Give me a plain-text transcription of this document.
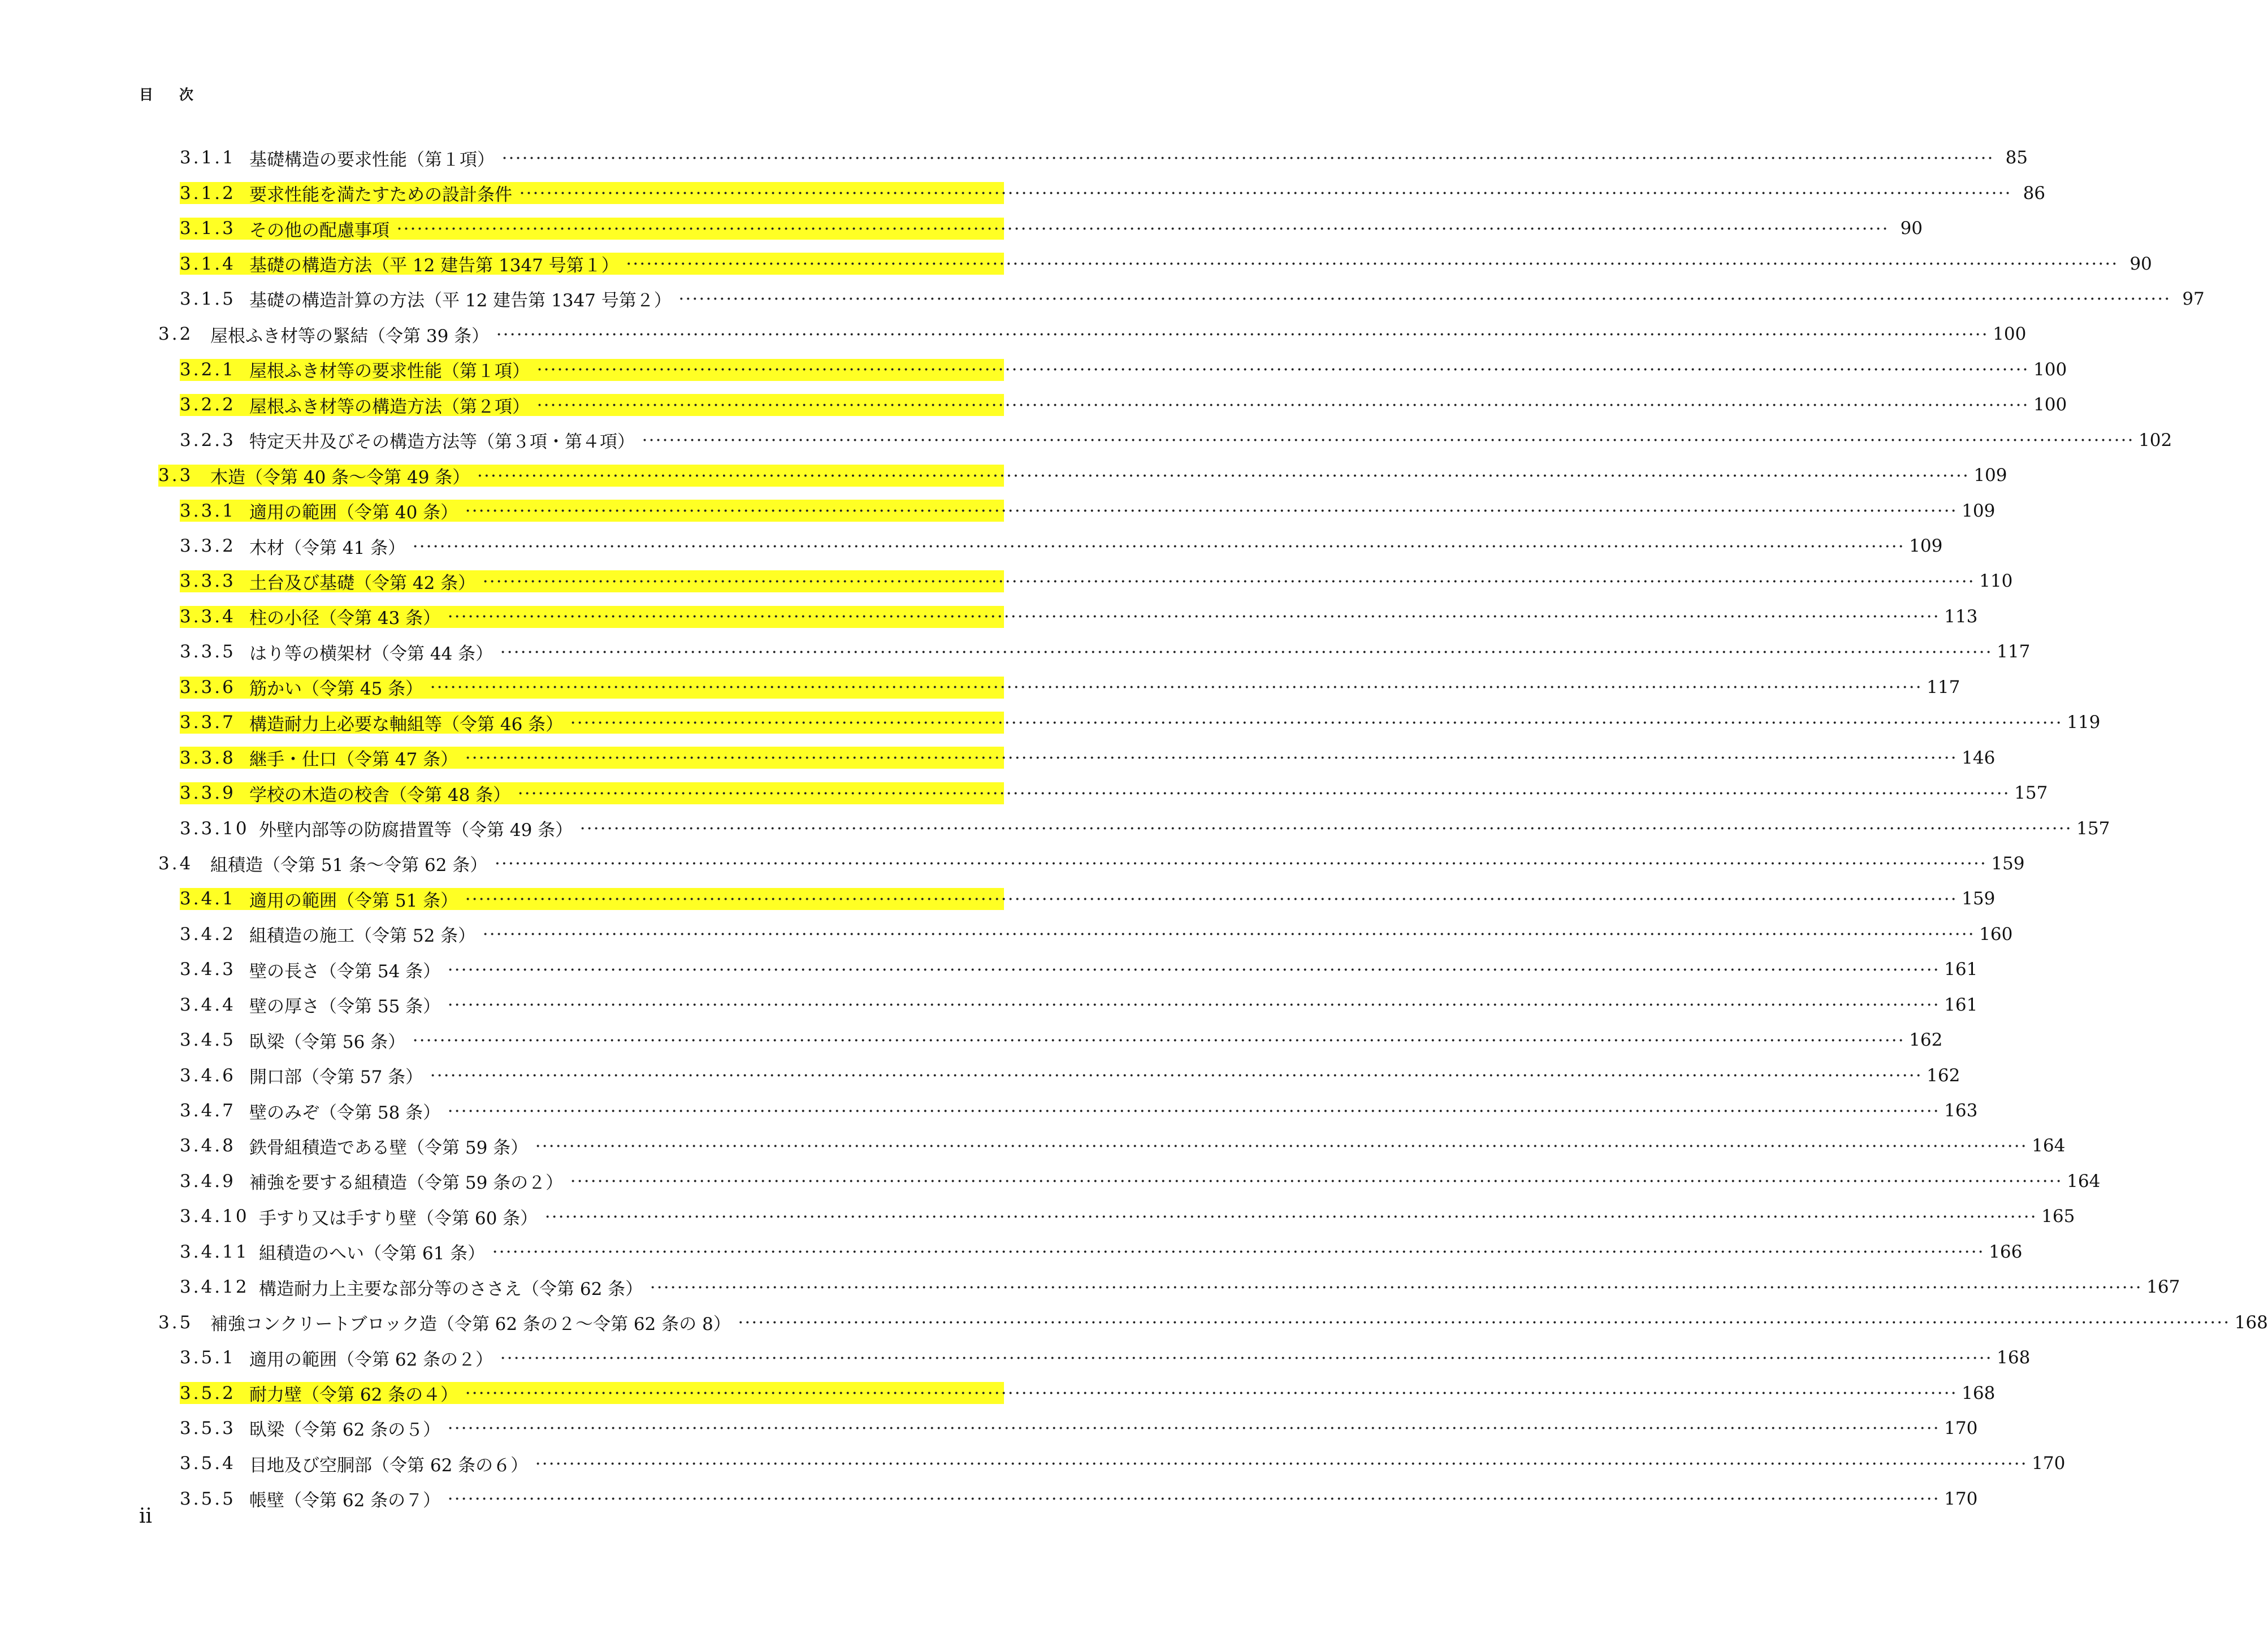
目次
3.1.1 基礎構造の要求性能（第１項） ････････････････････････････････････････････････････････････････････････････････････････････････････････････････････････････････････････････････････････････････････････････････････････････････････････････････････････････ 85
3.1.2 要求性能を満たすための設計条件 ････････････････････････････････････････････････････････････････････････････････････････････････････････････････････････････････････････････････････････････････････････････････････････････････････････････････････････････ 86
3.1.3 その他の配慮事項 ････････････････････････････････････････････････････････････････････････････････････････････････････････････････････････････････････････････････････････････････････････････････････････････････････････････････････････････ 90
3.1.4 基礎の構造方法（平 12 建告第 1347 号第１） ････････････････････････････････････････････････････････････････････････････････････････････････････････････････････････････････････････････････････････････････････････････････････････････････････････････････････････････ 90
3.1.5 基礎の構造計算の方法（平 12 建告第 1347 号第２） ････････････････････････････････････････････････････････････････････････････････････････････････････････････････････････････････････････････････････････････････････････････････････････････････････････････････････････････ 97
3.2 屋根ふき材等の緊結（令第 39 条） ････････････････････････････････････････････････････････････････････････････････････････････････････････････････････････････････････････････････････････････････････････････････････････････････････････････････････････････ 100
3.2.1 屋根ふき材等の要求性能（第１項） ････････････････････････････････････････････････････････････････････････････････････････････････････････････････････････････････････････････････････････････････････････････････････････････････････････････････････････････ 100
3.2.2 屋根ふき材等の構造方法（第２項） ････････････････････････････････････････････････････････････････････････････････････････････････････････････････････････････････････････････････････････････････････････････････････････････････････････････････････････････ 100
3.2.3 特定天井及びその構造方法等（第３項・第４項） ････････････････････････････････････････････････････････････････････････････････････････････････････････････････････････････････････････････････････････････････････････････････････････････････････････････････････････････ 102
3.3 木造（令第 40 条～令第 49 条） ････････････････････････････････････････････････････････････････････････････････････････････････････････････････････････････････････････････････････････････････････････････････････････････････････････････････････････････ 109
3.3.1 適用の範囲（令第 40 条） ････････････････････････････････････････････････････････････････････････････････････････････････････････････････････････････････････････････････････････････････････････････････････････････････････････････････････････････ 109
3.3.2 木材（令第 41 条） ････････････････････････････････････････････････････････････････････････････････････････････････････････････････････････････････････････････････････････････････････････････････････････････････････････････････････････････ 109
3.3.3 土台及び基礎（令第 42 条） ････････････････････････････････････････････････････････････････････････････････････････････････････････････････････････････････････････････････････････････････････････････････････････････････････････････････････････････ 110
3.3.4 柱の小径（令第 43 条） ････････････････････････････････････････････････････････････････････････････････････････････････････････････････････････････････････････････････････････････････････････････････････････････････････････････････････････････ 113
3.3.5 はり等の横架材（令第 44 条） ････････････････････････････････････････････････････････････････････････････････････････････････････････････････････････････････････････････････････････････････････････････････････････････････････････････････････････････ 117
3.3.6 筋かい（令第 45 条） ････････････････････････････････････････････････････････････････････････････････････････････････････････････････････････････････････････････････････････････････････････････････････････････････････････････････････････････ 117
3.3.7 構造耐力上必要な軸組等（令第 46 条） ････････････････････････････････････････････････････････････････････････････････････････････････････････････････････････････････････････････････････････････････････････････････････････････････････････････････････････････ 119
3.3.8 継手・仕口（令第 47 条） ････････････････････････････････････････････････････････････････････････････････････････････････････････････････････････････････････････････････････････････････････････････････････････････････････････････････････････････ 146
3.3.9 学校の木造の校舎（令第 48 条） ････････････････････････････････････････････････････････････････････････････････････････････････････････････････････････････････････････････････････････････････････････････････････････････････････････････････････････････ 157
3.3.10 外壁内部等の防腐措置等（令第 49 条） ････････････････････････････････････････････････････････････････････････････････････････････････････････････････････････････････････････････････････････････････････････････････････････････････････････････････････････････ 157
3.4 組積造（令第 51 条～令第 62 条） ････････････････････････････････････････････････････････････････････････････････････････････････････････････････････････････････････････････････････････････････････････････････････････････････････････････････････････････ 159
3.4.1 適用の範囲（令第 51 条） ････････････････････････････････････････････････････････････････････････････････････････････････････････････････････････････････････････････････････････････････････････････････････････････････････････････････････････････ 159
3.4.2 組積造の施工（令第 52 条） ････････････････････････････････････････････････････････････････････････････････････････････････････････････････････････････････････････････････････････････････････････････････････････････････････････････････････････････ 160
3.4.3 壁の長さ（令第 54 条） ････････････････････････････････････････････････････････････････････････････････････････････････････････････････････････････････････････････････････････････････････････････････････････････････････････････････････････････ 161
3.4.4 壁の厚さ（令第 55 条） ････････････････････････････････････････････････････････････････････････････････････････････････････････････････････････････････････････････････････････････････････････････････････････････････････････････････････････････ 161
3.4.5 臥梁（令第 56 条） ････････････････････････････････････････････････････････････････････････････････････････････････････････････････････････････････････････････････････････････････････････････････････････････････････････････････････････････ 162
3.4.6 開口部（令第 57 条） ････････････････････････････････････････････････････････････････････････････････････････････････････････････････････････････････････････････････････････････････････････････････････････････････････････････････････････････ 162
3.4.7 壁のみぞ（令第 58 条） ････････････････････････････････････････････････････････････････････････････････････････････････････････････････････････････････････････････････････････････････････････････････････････････････････････････････････････････ 163
3.4.8 鉄骨組積造である壁（令第 59 条） ････････････････････････････････････････････････････････････････････････････････････････････････････････････････････････････････････････････････････････････････････････････････････････････････････････････････････････････ 164
3.4.9 補強を要する組積造（令第 59 条の２） ････････････････････････････････････････････････････････････････････････････････････････････････････････････････････････････････････････････････････････････････････････････････････････････････････････････････････････････ 164
3.4.10 手すり又は手すり壁（令第 60 条） ････････････････････････････････････････････････････････････････････････････････････････････････････････････････････････････････････････････････････････････････････････････････････････････････････････････････････････････ 165
3.4.11 組積造のへい（令第 61 条） ････････････････････････････････････････････････････････････････････････････････････････････････････････････････････････････････････････････････････････････････････････････････････････････････････････････････････････････ 166
3.4.12 構造耐力上主要な部分等のささえ（令第 62 条） ････････････････････････････････････････････････････････････････････････････････････････････････････････････････････････････････････････････････････････････････････････････････････････････････････････････････････････････ 167
3.5 補強コンクリートブロック造（令第 62 条の２～令第 62 条の 8） ････････････････････････････････････････････････････････････････････････････････････････････････････････････････････････････････････････････････････････････････････････････････････････････････････････････････････････････ 168
3.5.1 適用の範囲（令第 62 条の２） ････････････････････････････････････････････････････････････････････････････････････････････････････････････････････････････････････････････････････････････････････････････････････････････････････････････････････････････ 168
3.5.2 耐力壁（令第 62 条の４） ････････････････････････････････････････････････････････････････････････････････････････････････････････････････････････････････････････････････････････････････････････････････････････････････････････････････････････････ 168
3.5.3 臥梁（令第 62 条の５） ････････････････････････････････････････････････････････････････････････････････････････････････････････････････････････････････････････････････････････････････････････････････････････････････････････････････････････････ 170
3.5.4 目地及び空胴部（令第 62 条の６） ････････････････････････････････････････････････････････････････････････････････････････････････････････････････････････････････････････････････････････････････････････････････････････････････････････････････････････････ 170
3.5.5 帳壁（令第 62 条の７） ････････････････････････････････････････････････････････････････････････････････････････････････････････････････････････････････････････････････････････････････････････････････････････････････････････････････････････････ 170
ii
